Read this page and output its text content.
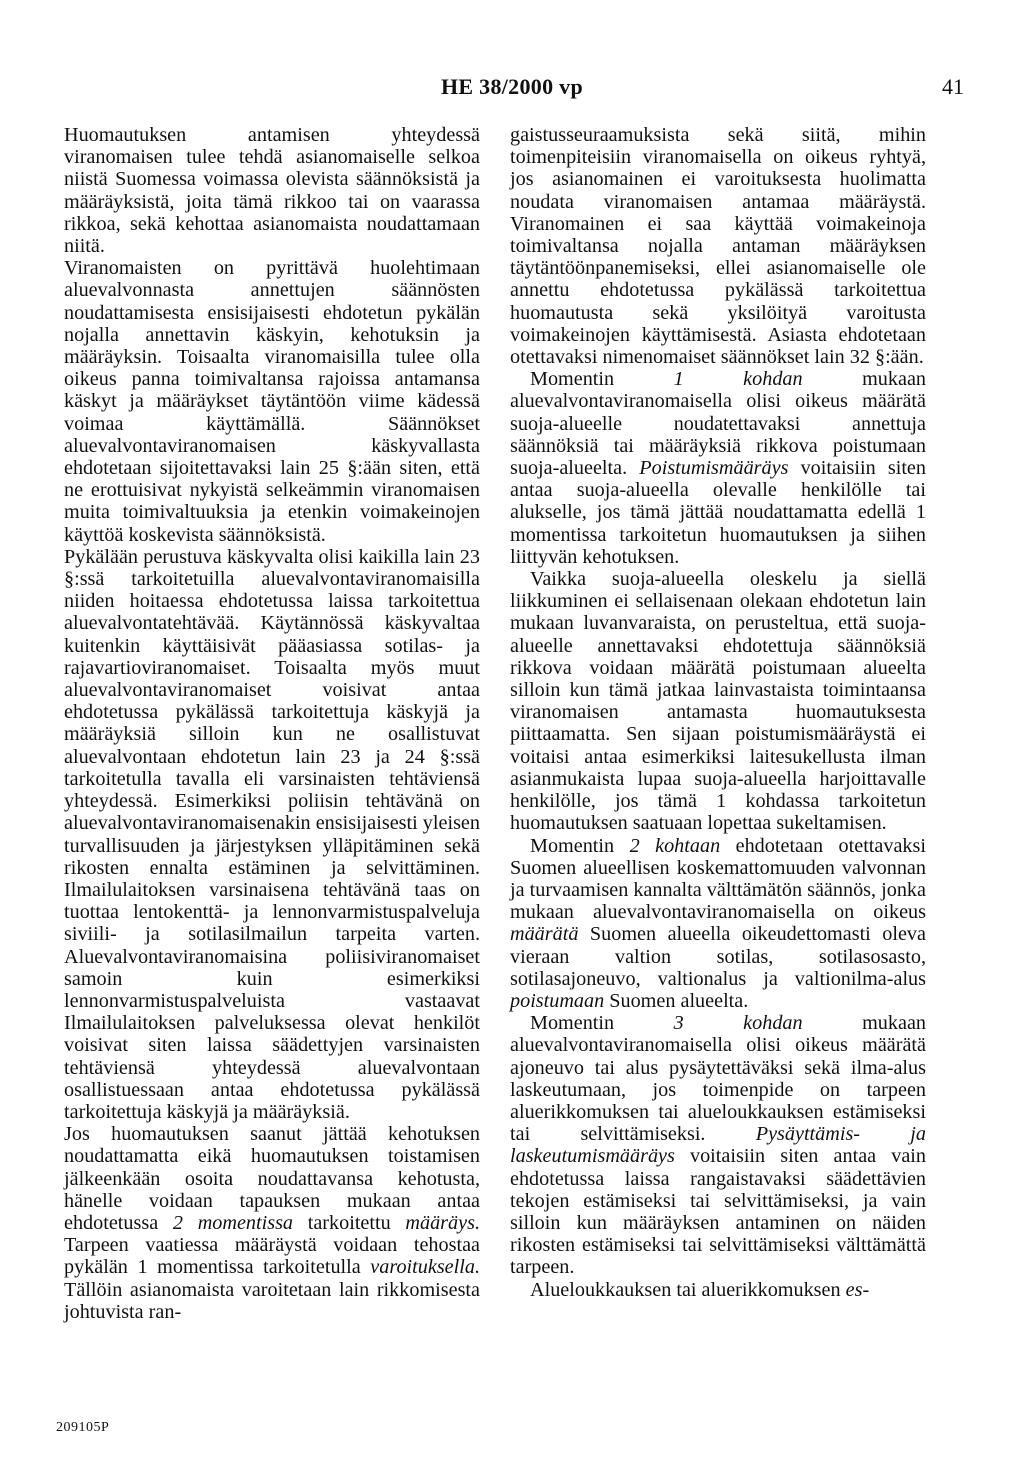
HE 38/2000 vp	41

Huomautuksen antamisen yhteydessä viranomaisen tulee tehdä asianomaiselle selkoa niistä Suomessa voimassa olevista säännöksistä ja määräyksistä, joita tämä rikkoo tai on vaarassa rikkoa, sekä kehottaa asianomaista noudattamaan niitä.

Viranomaisten on pyrittävä huolehtimaan aluevalvonnasta annettujen säännösten noudattamisesta ensisijaisesti ehdotetun pykälän nojalla annettavin käskyin, kehotuksin ja määräyksin. Toisaalta viranomaisilla tulee olla oikeus panna toimivaltansa rajoissa antamansa käskyt ja määräykset täytäntöön viime kädessä voimaa käyttämällä. Säännökset aluevalvontaviranomaisen käskyvallasta ehdotetaan sijoitettavaksi lain 25 §:ään siten, että ne erottuisivat nykyistä selkeämmin viranomaisen muita toimivaltuuksia ja etenkin voimakeinojen käyttöä koskevista säännöksistä.

Pykälään perustuva käskyvalta olisi kaikilla lain 23 §:ssä tarkoitetuilla aluevalvontaviranomaisilla niiden hoitaessa ehdotetussa laissa tarkoitettua aluevalvontatehtävää. Käytännössä käskyvaltaa kuitenkin käyttäisivät pääasiassa sotilas- ja rajavartioviranomaiset. Toisaalta myös muut aluevalvontaviranomaiset voisivat antaa ehdotetussa pykälässä tarkoitettuja käskyjä ja määräyksiä silloin kun ne osallistuvat aluevalvontaan ehdotetun lain 23 ja 24 §:ssä tarkoitetulla tavalla eli varsinaisten tehtäviensä yhteydessä. Esimerkiksi poliisin tehtävänä on aluevalvontaviranomaisenakin ensisijaisesti yleisen turvallisuuden ja järjestyksen ylläpitäminen sekä rikosten ennalta estäminen ja selvittäminen. Ilmailulaitoksen varsinaisena tehtävänä taas on tuottaa lentokenttä- ja lennonvarmistuspalveluja siviili- ja sotilasilmailun tarpeita varten. Aluevalvontaviranomaisina poliisiviranomaiset samoin kuin esimerkiksi lennonvarmistuspalveluista vastaavat Ilmailulaitoksen palveluksessa olevat henkilöt voisivat siten laissa säädettyjen varsinaisten tehtäviensä yhteydessä aluevalvontaan osallistuessaan antaa ehdotetussa pykälässä tarkoitettuja käskyjä ja määräyksiä.

Jos huomautuksen saanut jättää kehotuksen noudattamatta eikä huomautuksen toistamisen jälkeenkään osoita noudattavansa kehotusta, hänelle voidaan tapauksen mukaan antaa ehdotetussa 2 momentissa tarkoitettu määräys. Tarpeen vaatiessa määräystä voidaan tehostaa pykälän 1 momentissa tarkoitetulla varoituksella. Tällöin asianomaista varoitetaan lain rikkomisesta johtuvista ran-

gaistusseuraamuksista sekä siitä, mihin toimenpiteisiin viranomaisella on oikeus ryhtyä, jos asianomainen ei varoituksesta huolimatta noudata viranomaisen antamaa määräystä. Viranomainen ei saa käyttää voimakeinoja toimivaltansa nojalla antaman määräyksen täytäntöönpanemiseksi, ellei asianomaiselle ole annettu ehdotetussa pykälässä tarkoitettua huomautusta sekä yksilöityä varoitusta voimakeinojen käyttämisestä. Asiasta ehdotetaan otettavaksi nimenomaiset säännökset lain 32 §:ään.

Momentin 1 kohdan mukaan aluevalvontaviranomaisella olisi oikeus määrätä suoja-alueelle noudatettavaksi annettuja säännöksiä tai määräyksiä rikkova poistumaan suoja-alueelta. Poistumismääräys voitaisiin siten antaa suoja-alueella olevalle henkilölle tai alukselle, jos tämä jättää noudattamatta edellä 1 momentissa tarkoitetun huomautuksen ja siihen liittyvän kehotuksen.

Vaikka suoja-alueella oleskelu ja siellä liikkuminen ei sellaisenaan olekaan ehdotetun lain mukaan luvanvaraista, on perusteltua, että suoja-alueelle annettavaksi ehdotettuja säännöksiä rikkova voidaan määrätä poistumaan alueelta silloin kun tämä jatkaa lainvastaista toimintaansa viranomaisen antamasta huomautuksesta piittaamatta. Sen sijaan poistumismääräystä ei voitaisi antaa esimerkiksi laitesukellusta ilman asianmukaista lupaa suoja-alueella harjoittavalle henkilölle, jos tämä 1 kohdassa tarkoitetun huomautuksen saatuaan lopettaa sukeltamisen.

Momentin 2 kohtaan ehdotetaan otettavaksi Suomen alueellisen koskemattomuuden valvonnan ja turvaamisen kannalta välttämätön säännös, jonka mukaan aluevalvontaviranomaisella on oikeus määrätä Suomen alueella oikeudettomasti oleva vieraan valtion sotilas, sotilasosasto, sotilasajoneuvo, valtionalus ja valtionilma-alus poistumaan Suomen alueelta.

Momentin 3 kohdan mukaan aluevalvontaviranomaisella olisi oikeus määrätä ajoneuvo tai alus pysäytettäväksi sekä ilma-alus laskeutumaan, jos toimenpide on tarpeen aluerikkomuksen tai alueloukkauksen estämiseksi tai selvittämiseksi. Pysäyttämis- ja laskeutumismääräys voitaisiin siten antaa vain ehdotetussa laissa rangaistavaksi säädettävien tekojen estämiseksi tai selvittämiseksi, ja vain silloin kun määräyksen antaminen on näiden rikosten estämiseksi tai selvittämiseksi välttämättä tarpeen.

Alueloukkauksen tai aluerikkomuksen es-

209105P
